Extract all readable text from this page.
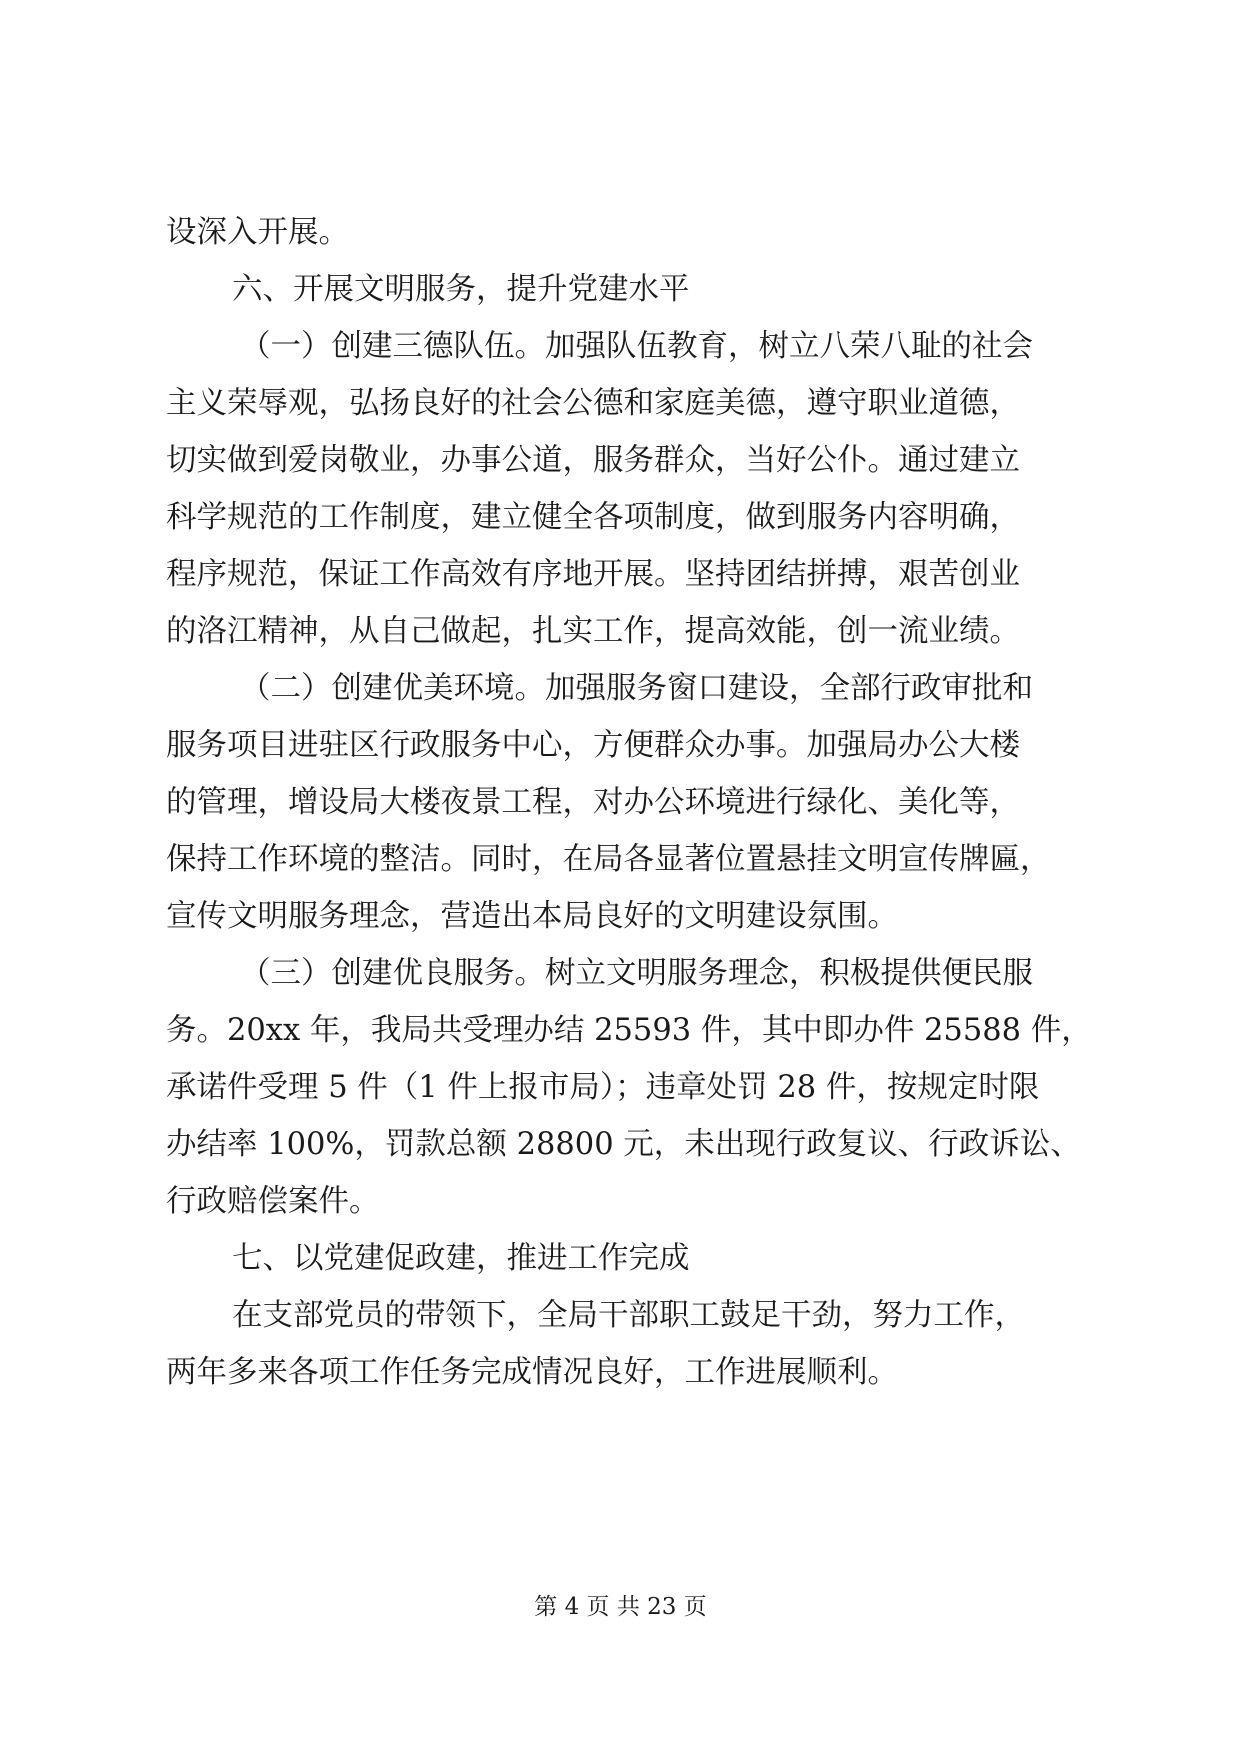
设深入开展。
六、开展文明服务，提升党建水平
（一）创建三德队伍。加强队伍教育，树立八荣八耻的社会
主义荣辱观，弘扬良好的社会公德和家庭美德，遵守职业道德，
切实做到爱岗敬业，办事公道，服务群众，当好公仆。通过建立
科学规范的工作制度，建立健全各项制度，做到服务内容明确，
程序规范，保证工作高效有序地开展。坚持团结拼搏，艰苦创业
的洛江精神，从自己做起，扎实工作，提高效能，创一流业绩。
（二）创建优美环境。加强服务窗口建设，全部行政审批和
服务项目进驻区行政服务中心，方便群众办事。加强局办公大楼
的管理，增设局大楼夜景工程，对办公环境进行绿化、美化等，
保持工作环境的整洁。同时，在局各显著位置悬挂文明宣传牌匾，
宣传文明服务理念，营造出本局良好的文明建设氛围。
（三）创建优良服务。树立文明服务理念，积极提供便民服
务。20xx 年，我局共受理办结 25593 件，其中即办件 25588 件，
承诺件受理 5 件（1 件上报市局）；违章处罚 28 件，按规定时限
办结率 100%，罚款总额 28800 元，未出现行政复议、行政诉讼、
行政赔偿案件。
七、以党建促政建，推进工作完成
在支部党员的带领下，全局干部职工鼓足干劲，努力工作，
两年多来各项工作任务完成情况良好，工作进展顺利。
第 4 页 共 23 页
